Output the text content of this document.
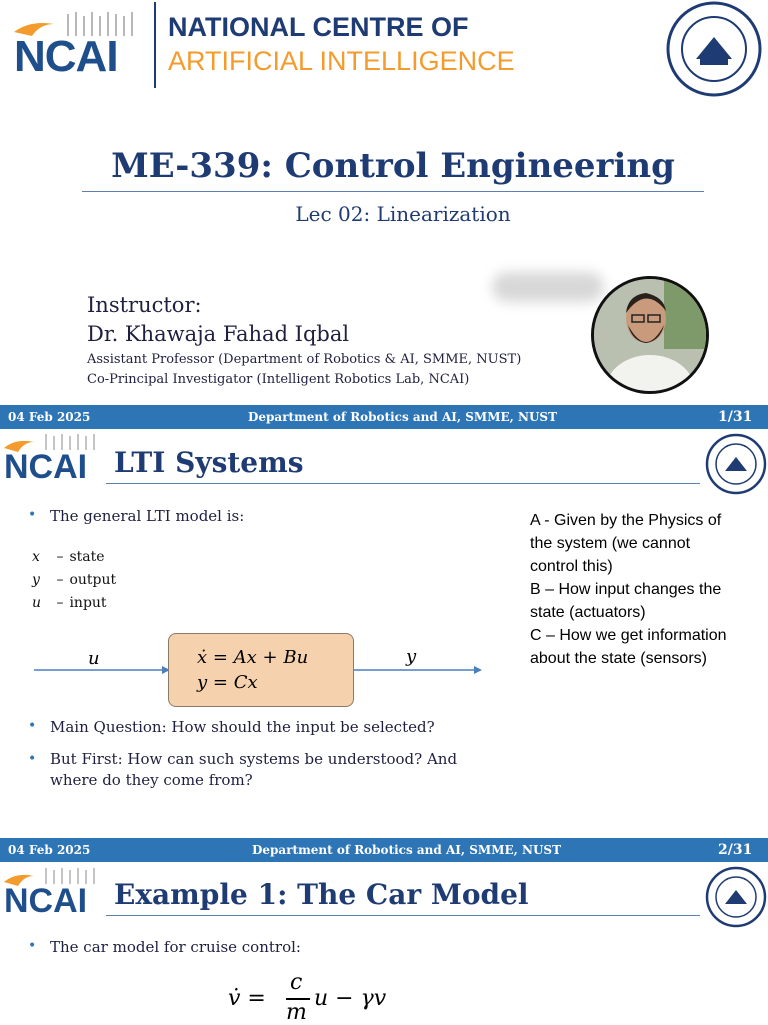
NCAI
NATIONAL CENTRE OF
ARTIFICIAL INTELLIGENCE
ME-339: Control Engineering
Lec 02: Linearization
Instructor:
Dr. Khawaja Fahad Iqbal
Assistant Professor (Department of Robotics & AI, SMME, NUST)
Co-Principal Investigator (Intelligent Robotics Lab, NCAI)
04 Feb 2025	Department of Robotics and AI, SMME, NUST	1/31
NCAI LTI Systems
• The general LTI model is:
x – state
y – output
u – input
u	y
ẋ = Ax + Bu
y = Cx
• Main Question: How should the input be selected?
• But First: How can such systems be understood? And
where do they come from?
A - Given by the Physics of
the system (we cannot
control this)
B – How input changes the
state (actuators)
C – How we get information
about the state (sensors)
04 Feb 2025	Department of Robotics and AI, SMME, NUST	2/31
NCAI Example 1: The Car Model
• The car model for cruise control:
v̇ =
c
m
u − γv
